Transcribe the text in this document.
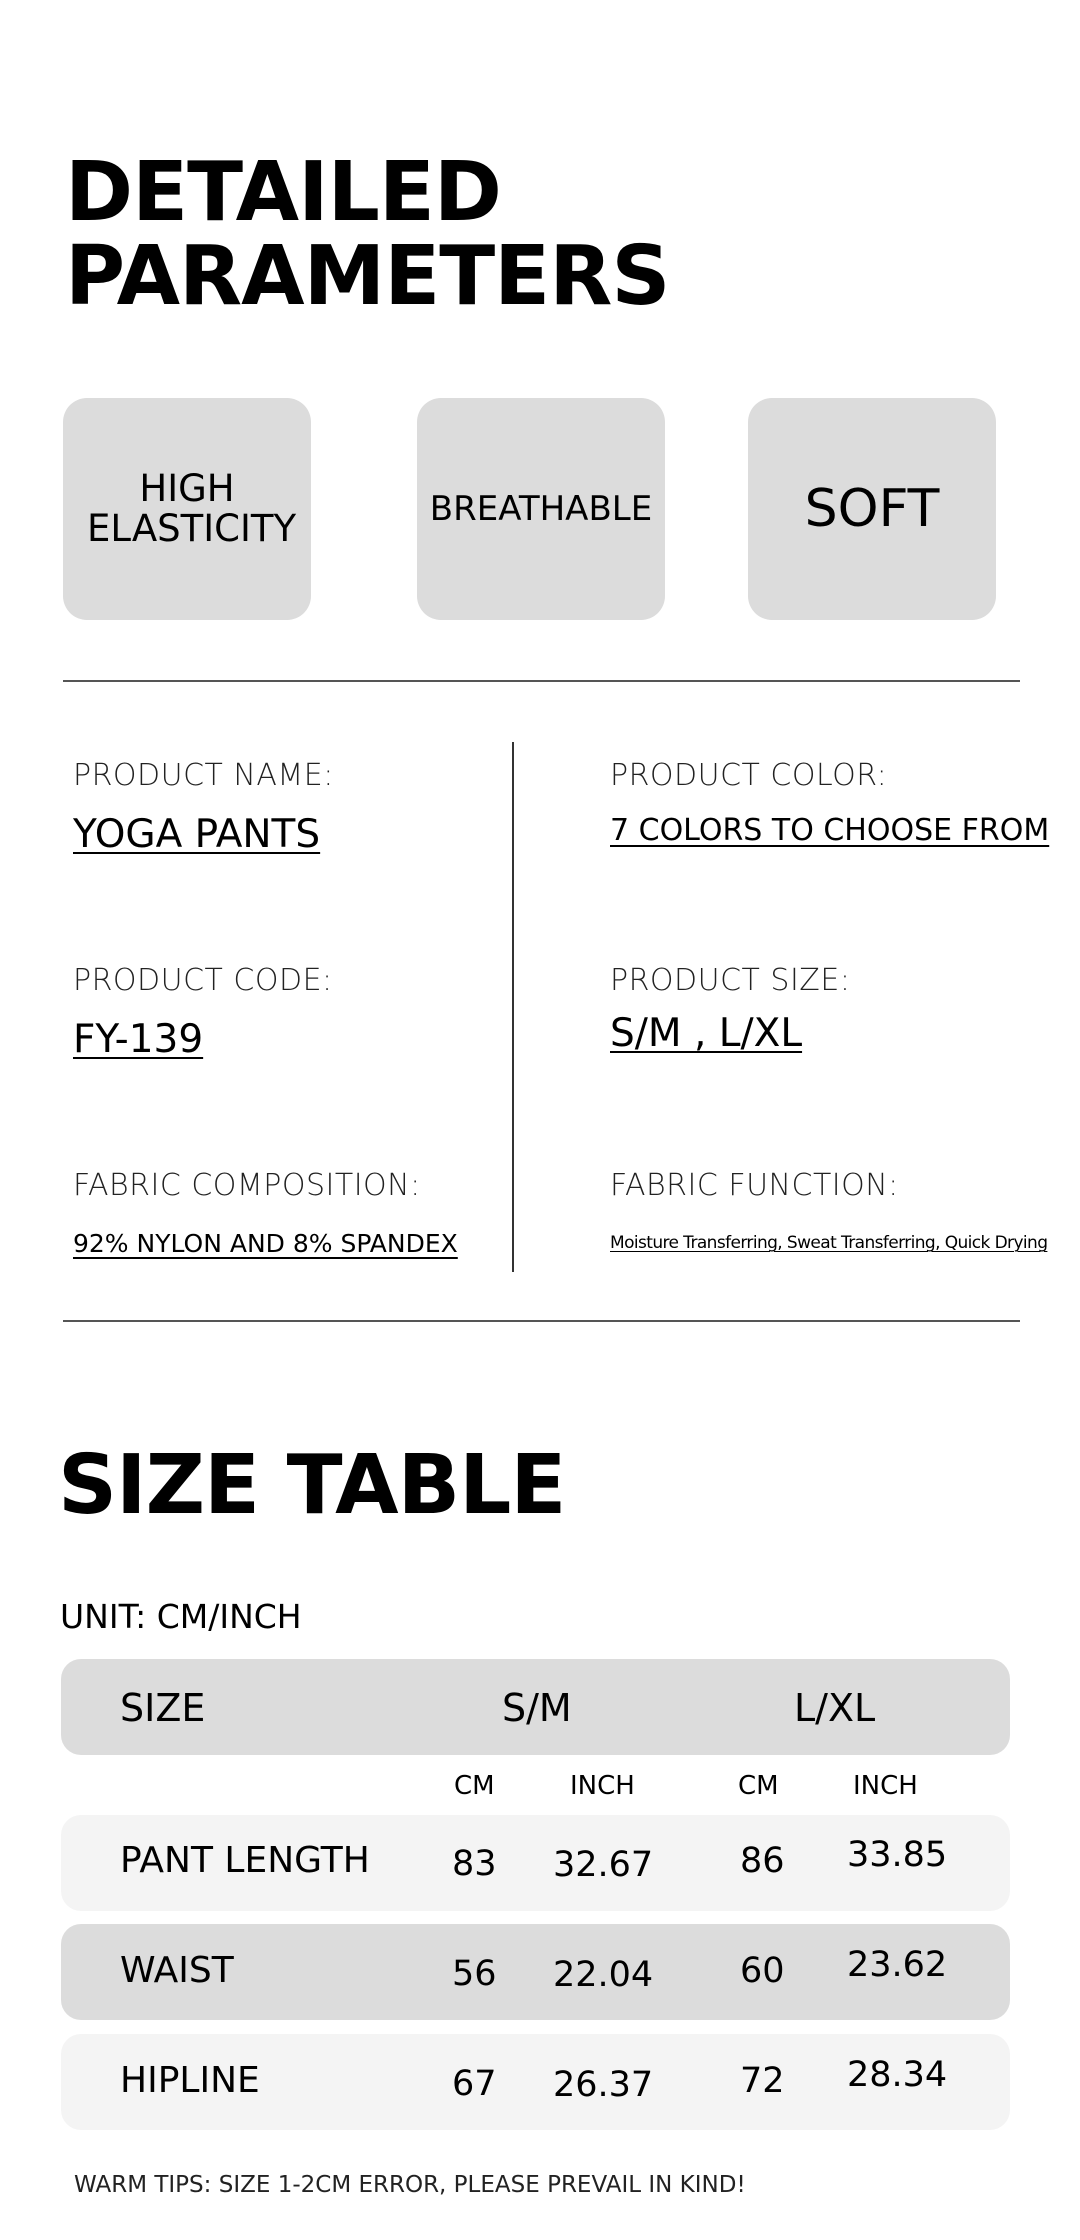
DETAILED
PARAMETERS
HIGH ELASTICITY	BREATHABLE	SOFT
PRODUCT NAME:
YOGA PANTS
PRODUCT COLOR:
7 COLORS TO CHOOSE FROM
PRODUCT CODE:
FY-139
PRODUCT SIZE:
S/M , L/XL
FABRIC COMPOSITION:
92% NYLON AND 8% SPANDEX
FABRIC FUNCTION:
Moisture Transferring, Sweat Transferring, Quick Drying
SIZE TABLE
UNIT: CM/INCH
SIZE	S/M	L/XL
CM	INCH	CM	INCH
PANT LENGTH 83 32.67 86 33.85
WAIST	56 22.04 60 23.62
HIPLINE	67 26.37 72 28.34
WARM TIPS: SIZE 1-2CM ERROR, PLEASE PREVAIL IN KIND!
